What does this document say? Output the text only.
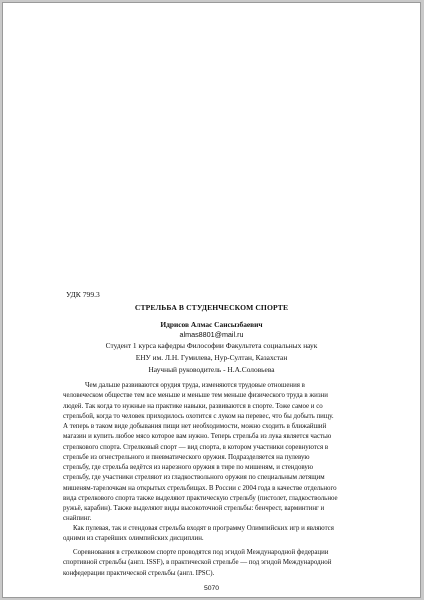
УДК 799.3
СТРЕЛЬБА В СТУДЕНЧЕСКОМ СПОРТЕ
Идрисов Алмас Сансызбаевич
almas8801@mail.ru
Студент 1 курса кафедры Философии Факультета социальных наук
ЕНУ им. Л.Н. Гумилева, Нур-Султан, Казахстан
Научный руководитель - Н.А.Соловьева
Чем дальше развиваются орудия труда, изменяются трудовые отношения в
человеческом обществе тем все меньше и меньше тем меньше физического труда в жизни
людей. Так когда то нужные на практике навыки, развиваются в спорте. Тоже самое и со
стрельбой, когда то человек приходилось охотится с луком на перевес, что бы добыть пищу.
А теперь в таком виде добывания пищи нет необходимости, можно сходить в ближайший
магазин и купить любое мясо которое вам нужно. Теперь стрельба из лука является частью
стрелкового спорта. Стрелковый спорт — вид спорта, в котором участники соревнуются в
стрельбе из огнестрельного и пневматического оружия. Подразделяется на пулевую
стрельбу, где стрельба ведётся из нарезного оружия в тире по мишеням, и стендовую
стрельбу, где участники стреляют из гладкоствольного оружия по специальным летящим
мишеням-тарелочкам на открытых стрельбищах. В России с 2004 года в качестве отдельного
вида стрелкового спорта также выделяют практическую стрельбу (пистолет, гладкоствольное
ружьё, карабин). Также выделяют виды высокоточной стрельбы: бенчрест, варминтинг и
снайпинг.
Как пулевая, так и стендовая стрельба входят в программу Олимпийских игр и являются
одними из старейших олимпийских дисциплин.
Соревнования в стрелковом спорте проводятся под эгидой Международной федерации
спортивной стрельбы (англ. ISSF), в практической стрельбе — под эгидой Международной
конфедерации практической стрельбы (англ. IPSC).
5070
